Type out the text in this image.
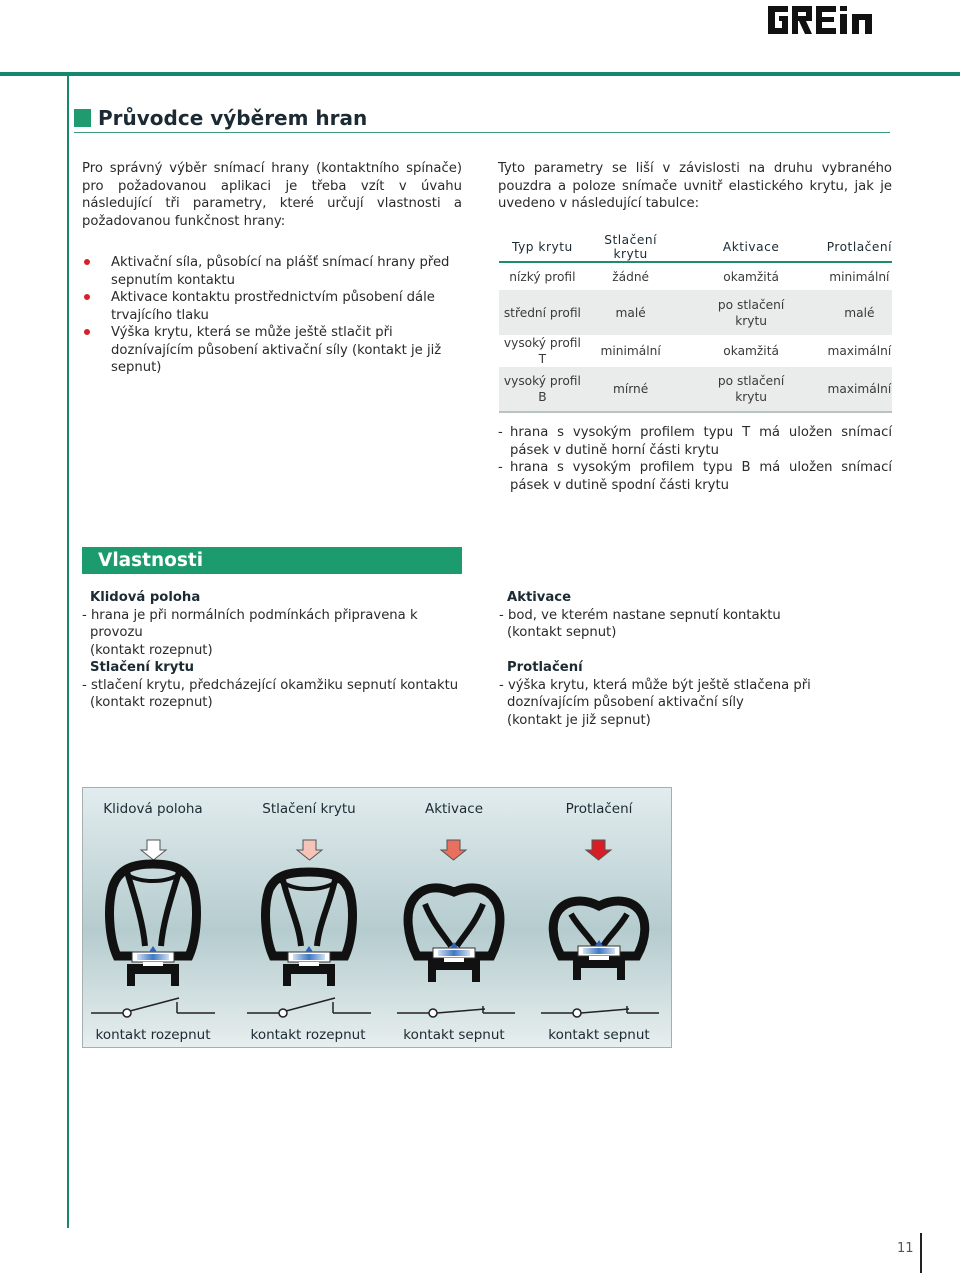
Průvodce výběrem hran

Pro správný výběr snímací hrany (kontaktního spínače) pro požadovanou aplikaci je třeba vzít v úvahu následující tři parametry, které určují vlastnosti a požadovanou funkčnost hrany:

Aktivační síla, působící na plášť snímací hrany před sepnutím kontaktu
Aktivace kontaktu prostřednictvím působení dále trvajícího tlaku
Výška krytu, která se může ještě stlačit při doznívajícím působení aktivační síly (kontakt je již sepnut)

Tyto parametry se liší v závislosti na druhu vybraného pouzdra a poloze snímače uvnitř elastického krytu, jak je uvedeno v následující tabulce:

Typ krytu	Stlačení krytu	Aktivace	Protlačení
nízký profil	žádné	okamžitá	minimální
střední profil	malé	po stlačení krytu	malé
vysoký profil T	minimální	okamžitá	maximální
vysoký profil B	mírné	po stlačení krytu	maximální
- hrana s vysokým profilem typu T má uložen snímací pásek v dutině horní části krytu
- hrana s vysokým profilem typu B má uložen snímací pásek v dutině spodní části krytu
Vlastnosti
Klidová poloha
- hrana je při normálních podmínkách připravena k provozu
(kontakt rozepnut)
Stlačení krytu
- stlačení krytu, předcházející okamžiku sepnutí kontaktu
(kontakt rozepnut)
Aktivace
- bod, ve kterém nastane sepnutí kontaktu
(kontakt sepnut)
Protlačení
- výška krytu, která může být ještě stlačena při doznívajícím působení aktivační síly
(kontakt je již sepnut)
Klidová poloha	Stlačení krytu	Aktivace	Protlačení
kontakt rozepnut	kontakt rozepnut	kontakt sepnut	kontakt sepnut
11
